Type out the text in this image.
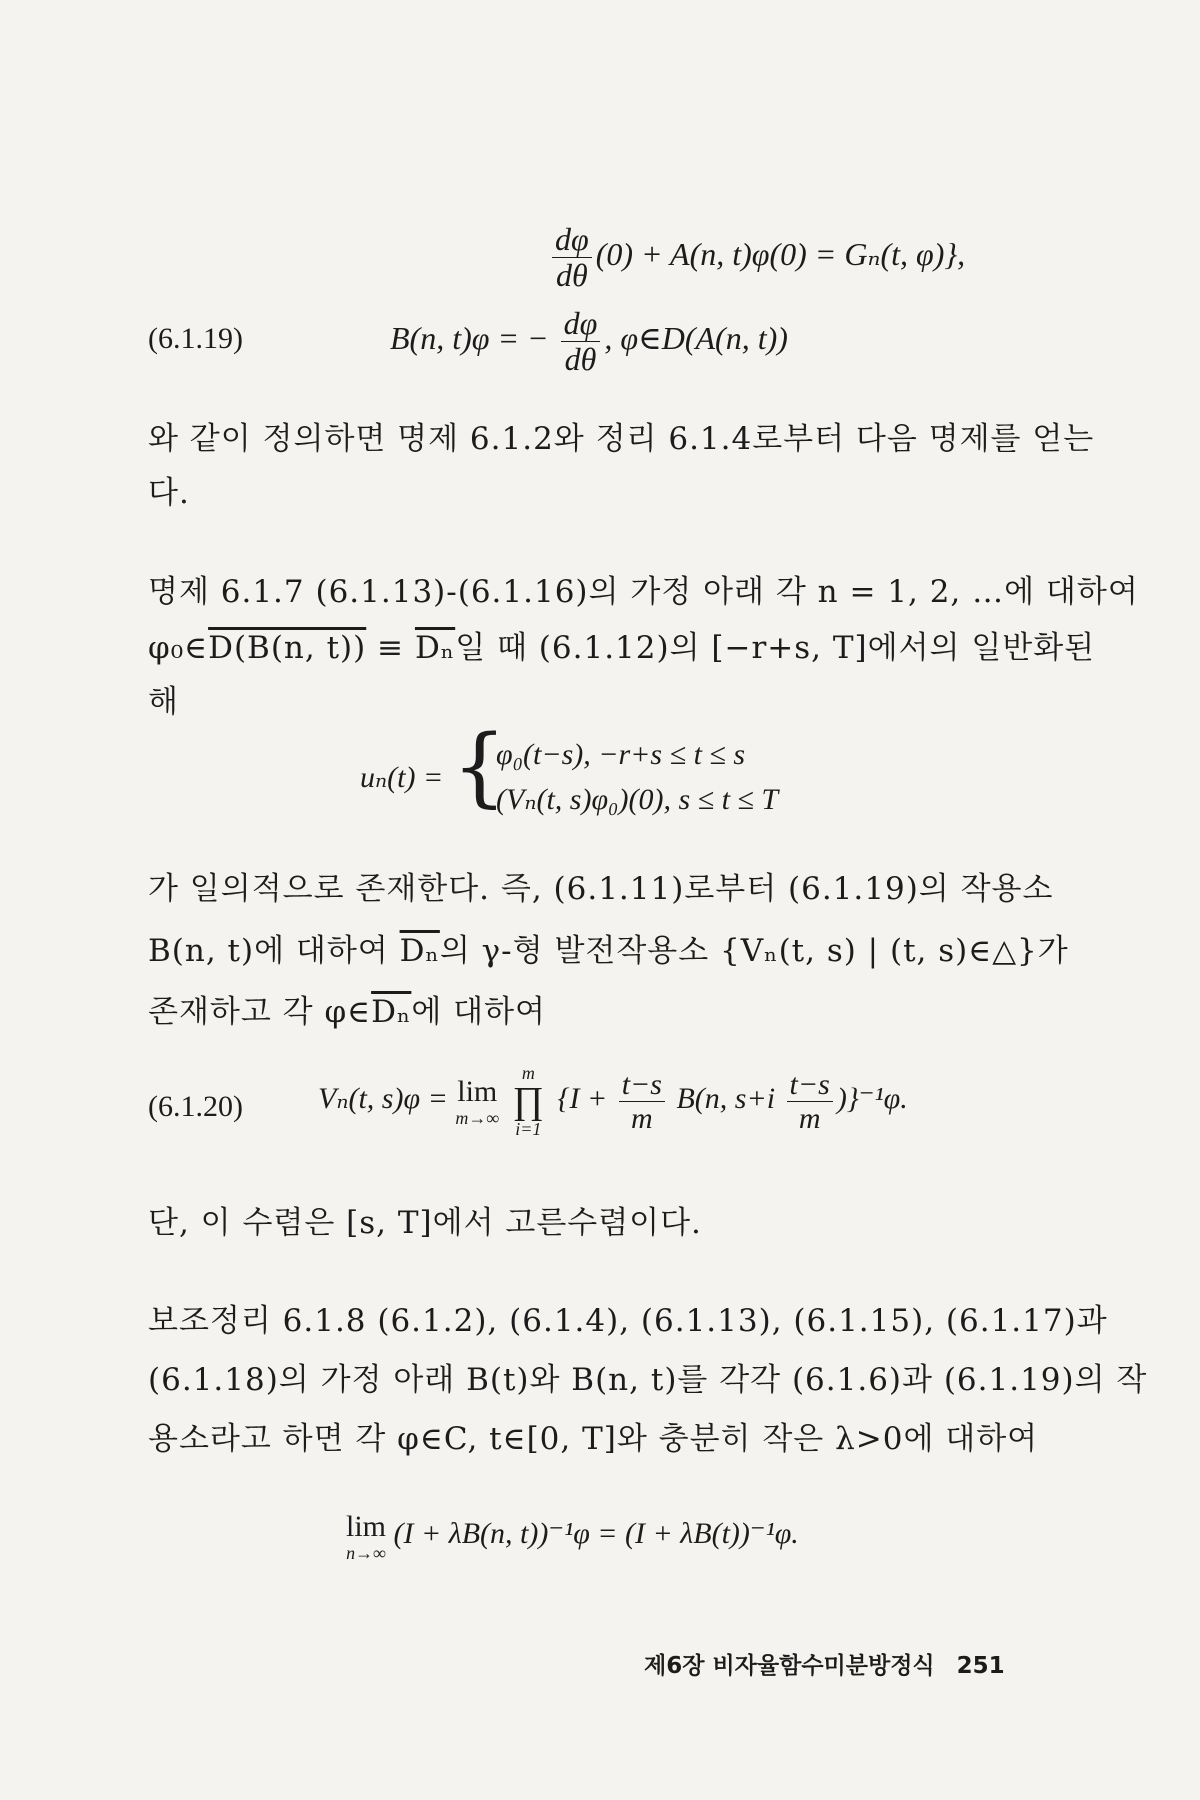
$\frac{d\varphi}{d\theta} (0) + A(n$, t)φ(0) = Gₙ(t, φ)},
(6.1.19)	B(n, t)φ = − $\frac{d\varphi}{d\theta}$ , φ∈D(A(n, t))
와 같이 정의하면 명제 6.1.2와 정리 6.1.4로부터 다음 명제를 얻는
다.
명제 6.1.7 (6.1.13)-(6.1.16)의 가정 아래 각 n = 1, 2, …에 대하여
φ₀∈D(B(n, $t)) \equiv \overline{D_n}$일 때 (6.1.12)의 [−r+s, T]에서의 일반화된
해
uₙ(t) = {
φ₀(t−s), −r+s ≤ t ≤ s
(Vₙ(t, s)φ₀)(0), s ≤ t ≤ T
가 일의적으로 존재한다. 즉, (6.1.11)로부터 (6.1.19)의 작용소
B(n, t)에 대하여 $\overline{D_n}$의 γ-형 발전작용소 {Vₙ(t, s) | (t, s)∈△}가
존재하고 각 $\varphi\in\overline{D_n}$에 대하여
(6.1.20)	Vₙ(t, s)φ = lim
m→∞

m
∏
i=1
{$I + \frac{t-s}{m} B(n$, $s+i \frac{t-s}{m} )\}^{-1}\varphi$.
단, 이 수렴은 [s, T]에서 고른수렴이다.
보조정리 6.1.8 (6.1.2), (6.1.4), (6.1.13), (6.1.15), (6.1.17)과
(6.1.18)의 가정 아래 B(t)와 B(n, t)를 각각 (6.1.6)과 (6.1.19)의 작
용소라고 하면 각 φ∈C, t∈[0, T]와 충분히 작은 λ>0에 대하여
lim
n→∞
(I + λB(n, t))⁻¹φ = (I + λB(t))⁻¹φ.
제6장 비자율함수미분방정식 251
